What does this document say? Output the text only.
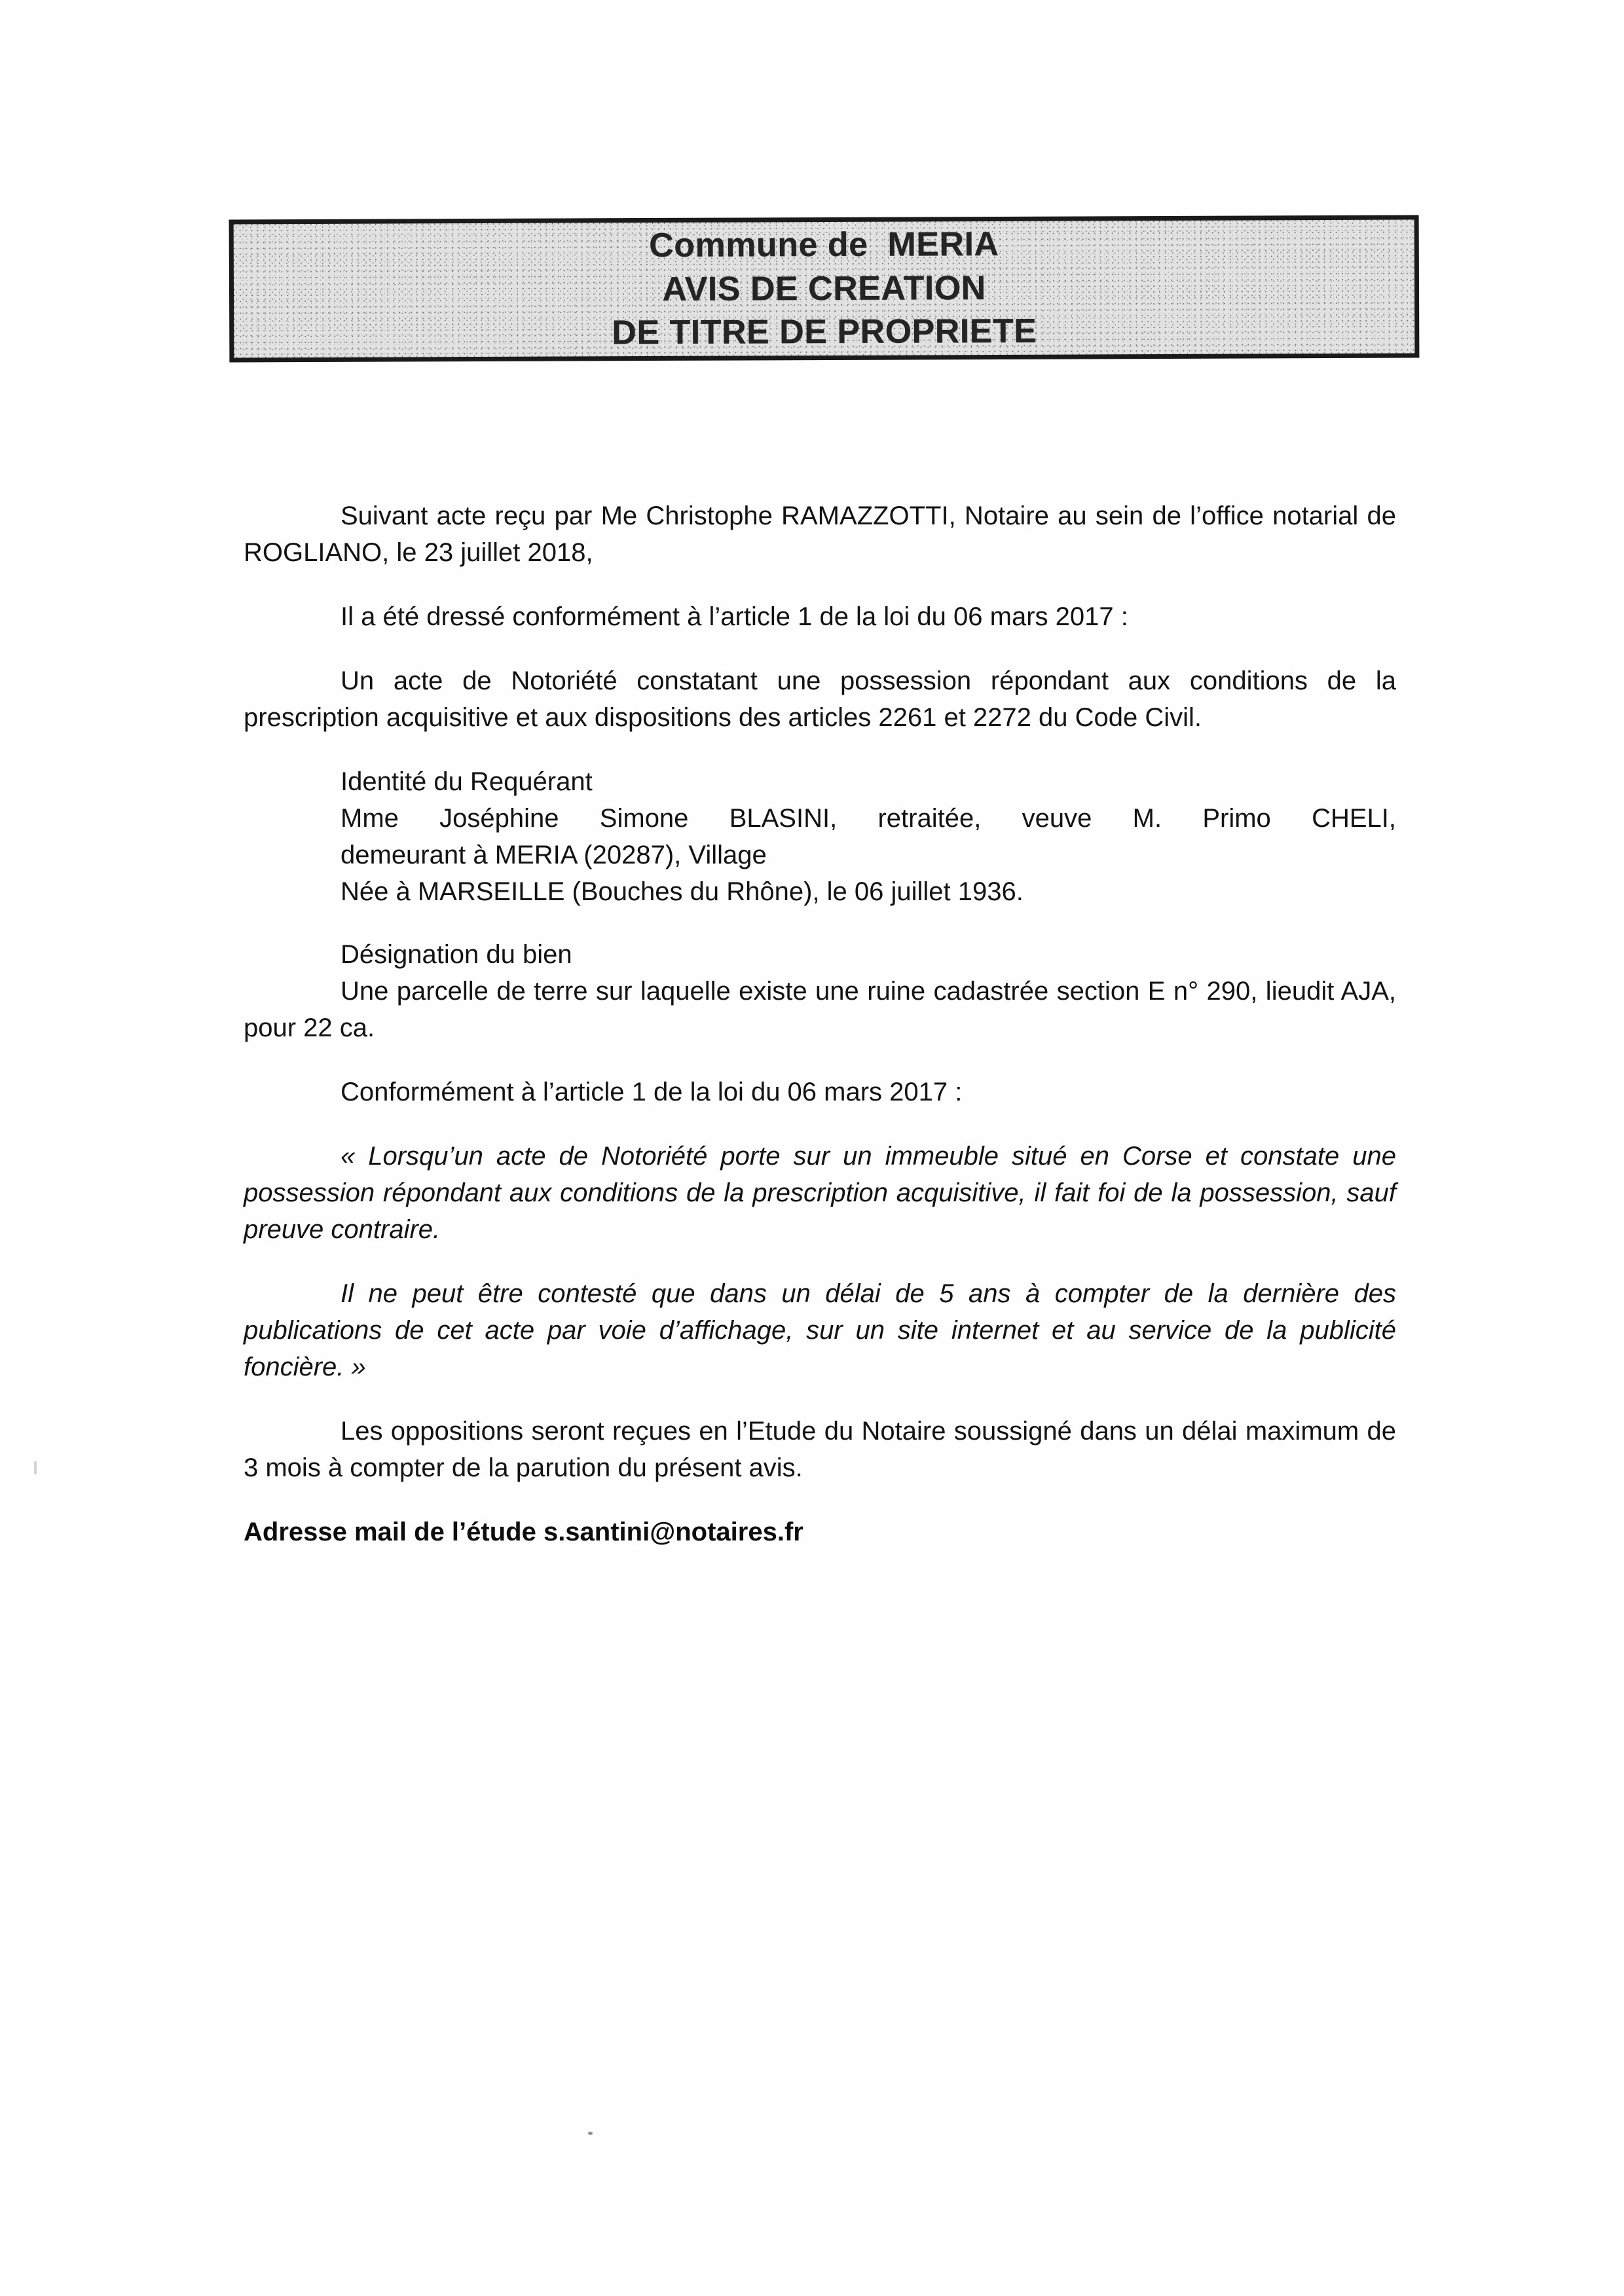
Commune de  MERIA
AVIS DE CREATION
DE TITRE DE PROPRIETE

Suivant acte reçu par Me Christophe RAMAZZOTTI, Notaire au sein de l’office notarial de ROGLIANO, le 23 juillet 2018,

Il a été dressé conformément à l’article 1 de la loi du 06 mars 2017 :

Un acte de Notoriété constatant une possession répondant aux conditions de la prescription acquisitive et aux dispositions des articles 2261 et 2272 du Code Civil.

Identité du Requérant
Mme Joséphine Simone BLASINI, retraitée, veuve M. Primo CHELI,
demeurant à MERIA (20287), Village
Née à MARSEILLE (Bouches du Rhône), le 06 juillet 1936.
Désignation du bien
Une parcelle de terre sur laquelle existe une ruine cadastrée section E n° 290, lieudit AJA, pour 22 ca.

Conformément à l’article 1 de la loi du 06 mars 2017 :

« Lorsqu’un acte de Notoriété porte sur un immeuble situé en Corse et constate une possession répondant aux conditions de la prescription acquisitive, il fait foi de la possession, sauf preuve contraire.

Il ne peut être contesté que dans un délai de 5 ans à compter de la dernière des publications de cet acte par voie d’affichage, sur un site internet et au service de la publicité foncière. »

Les oppositions seront reçues en l’Etude du Notaire soussigné dans un délai maximum de 3 mois à compter de la parution du présent avis.

Adresse mail de l’étude s.santini@notaires.fr
